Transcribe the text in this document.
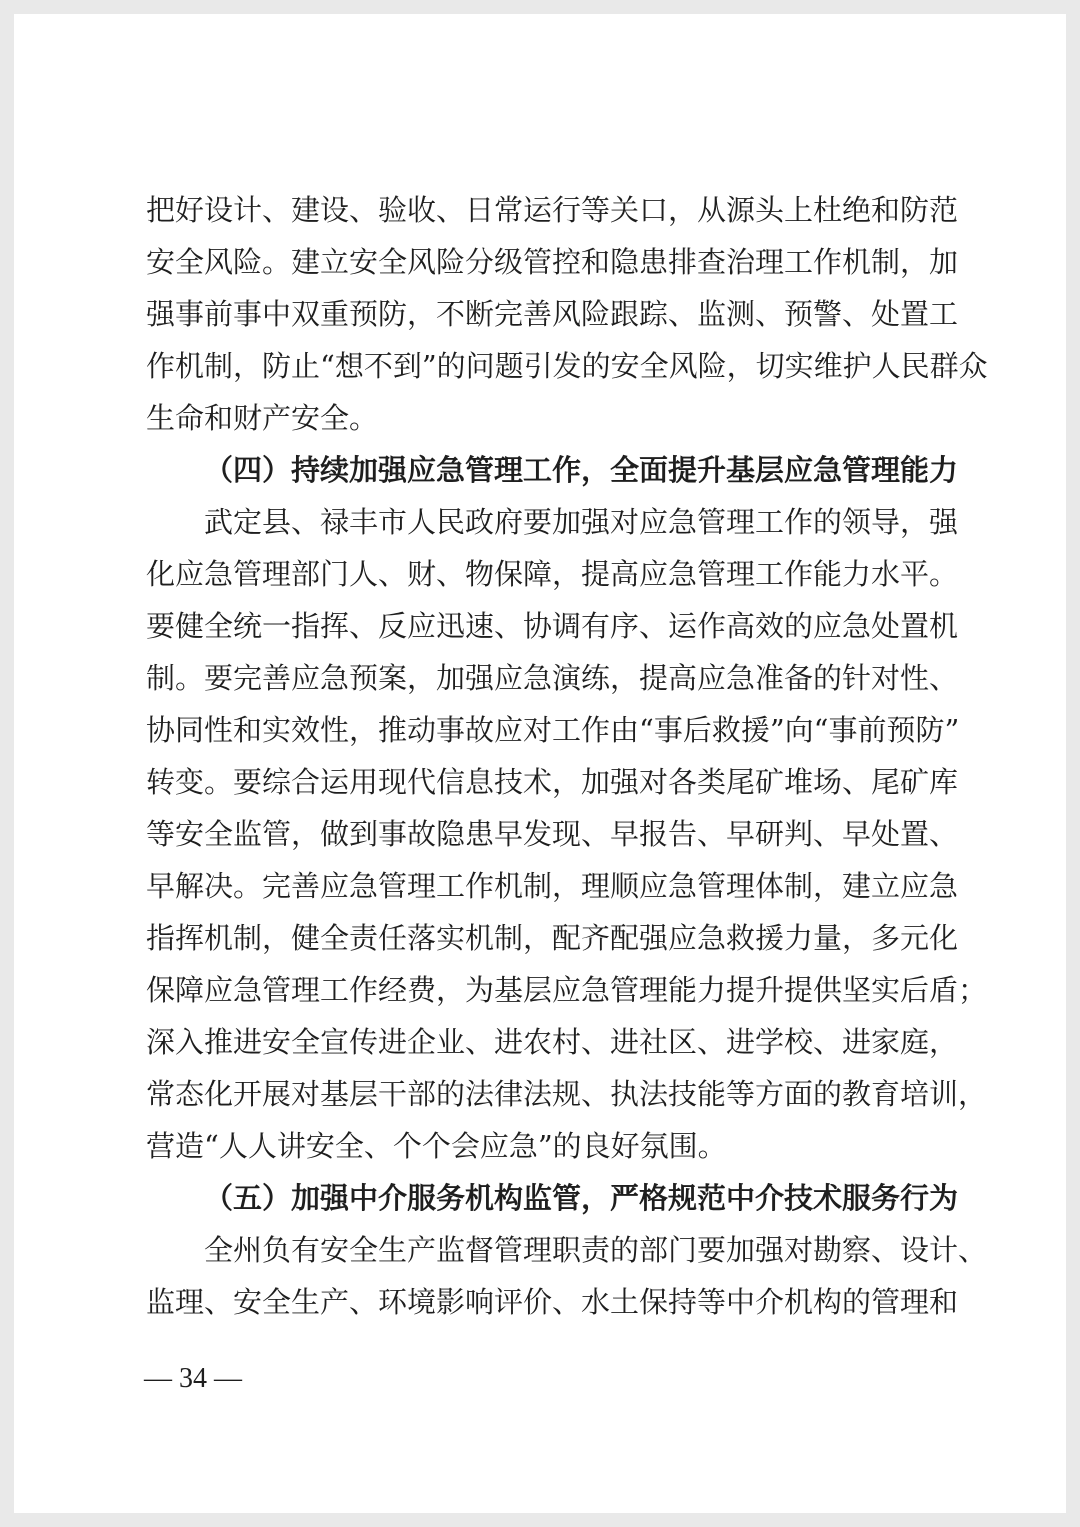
把好设计、建设、验收、日常运行等关口，从源头上杜绝和防范
安全风险。建立安全风险分级管控和隐患排查治理工作机制，加
强事前事中双重预防，不断完善风险跟踪、监测、预警、处置工
作机制，防止“想不到”的问题引发的安全风险，切实维护人民群众
生命和财产安全。
（四）持续加强应急管理工作，全面提升基层应急管理能力
武定县、禄丰市人民政府要加强对应急管理工作的领导，强
化应急管理部门人、财、物保障，提高应急管理工作能力水平。
要健全统一指挥、反应迅速、协调有序、运作高效的应急处置机
制。要完善应急预案，加强应急演练，提高应急准备的针对性、
协同性和实效性，推动事故应对工作由“事后救援”向“事前预防”
转变。要综合运用现代信息技术，加强对各类尾矿堆场、尾矿库
等安全监管，做到事故隐患早发现、早报告、早研判、早处置、
早解决。完善应急管理工作机制，理顺应急管理体制，建立应急
指挥机制，健全责任落实机制，配齐配强应急救援力量，多元化
保障应急管理工作经费，为基层应急管理能力提升提供坚实后盾；
深入推进安全宣传进企业、进农村、进社区、进学校、进家庭，
常态化开展对基层干部的法律法规、执法技能等方面的教育培训，
营造“人人讲安全、个个会应急”的良好氛围。
（五）加强中介服务机构监管，严格规范中介技术服务行为
全州负有安全生产监督管理职责的部门要加强对勘察、设计、
监理、安全生产、环境影响评价、水土保持等中介机构的管理和
— 34 —
